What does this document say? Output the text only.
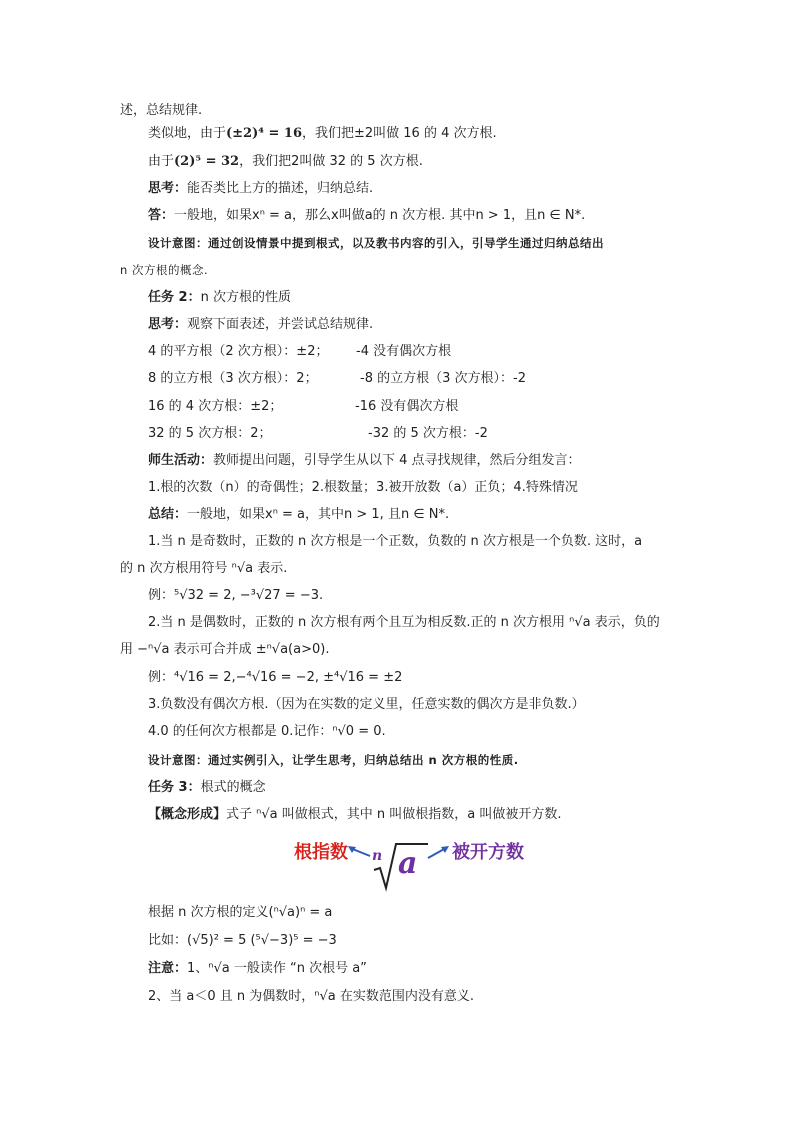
述，总结规律.
类似地，由于(±2)⁴ = 16，我们把±2叫做 16 的 4 次方根.
由于(2)⁵ = 32，我们把2叫做 32 的 5 次方根.
思考：能否类比上方的描述，归纳总结.
答：一般地，如果xⁿ = a，那么x叫做a的 n 次方根. 其中n > 1，且n ∈ N*.
设计意图：通过创设情景中提到根式，以及教书内容的引入，引导学生通过归纳总结出
n 次方根的概念.
任务 2：n 次方根的性质
思考：观察下面表述，并尝试总结规律.
4 的平方根（2 次方根）：±2； -4 没有偶次方根
8 的立方根（3 次方根）：2；	-8 的立方根（3 次方根）：-2
16 的 4 次方根：±2；	-16 没有偶次方根
32 的 5 次方根：2；	-32 的 5 次方根：-2
师生活动：教师提出问题，引导学生从以下 4 点寻找规律，然后分组发言：
1.根的次数（n）的奇偶性；2.根数量；3.被开放数（a）正负；4.特殊情况
总结：一般地，如果xⁿ = a，其中n > 1, 且n ∈ N*.
1.当 n 是奇数时，正数的 n 次方根是一个正数，负数的 n 次方根是一个负数. 这时，a
的 n 次方根用符号 ⁿ√a 表示.
例：⁵√32 = 2, −³√27 = −3.
2.当 n 是偶数时，正数的 n 次方根有两个且互为相反数.正的 n 次方根用 ⁿ√a 表示，负的
用 −ⁿ√a 表示可合并成 ±ⁿ√a(a>0).
例：⁴√16 = 2,−⁴√16 = −2, ±⁴√16 = ±2
3.负数没有偶次方根.（因为在实数的定义里，任意实数的偶次方是非负数.）
4.0 的任何次方根都是 0.记作：ⁿ√0 = 0.
设计意图：通过实例引入，让学生思考，归纳总结出 n 次方根的性质.
任务 3：根式的概念
【概念形成】式子 ⁿ√a 叫做根式，其中 n 叫做根指数，a 叫做被开方数.
根指数 n a 被开方数
根据 n 次方根的定义(ⁿ√a)ⁿ = a
比如：(√5)² = 5 (⁵√−3)⁵ = −3
注意：1、ⁿ√a 一般读作 “n 次根号 a”
2、当 a＜0 且 n 为偶数时，ⁿ√a 在实数范围内没有意义.
